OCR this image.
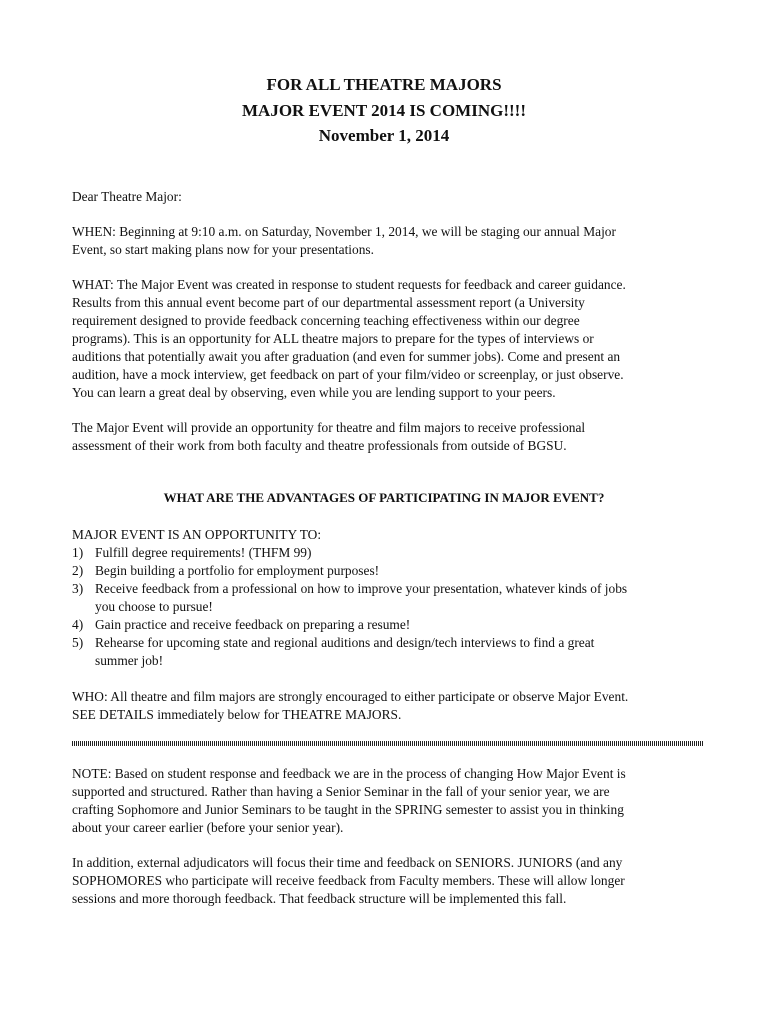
FOR ALL THEATRE MAJORS
MAJOR EVENT 2014 IS COMING!!!!
November 1, 2014
Dear Theatre Major:
WHEN: Beginning at 9:10 a.m. on Saturday, November 1, 2014, we will be staging our annual Major
Event, so start making plans now for your presentations.
WHAT: The Major Event was created in response to student requests for feedback and career guidance.
Results from this annual event become part of our departmental assessment report (a University
requirement designed to provide feedback concerning teaching effectiveness within our degree
programs). This is an opportunity for ALL theatre majors to prepare for the types of interviews or
auditions that potentially await you after graduation (and even for summer jobs). Come and present an
audition, have a mock interview, get feedback on part of your film/video or screenplay, or just observe.
You can learn a great deal by observing, even while you are lending support to your peers.
The Major Event will provide an opportunity for theatre and film majors to receive professional
assessment of their work from both faculty and theatre professionals from outside of BGSU.
WHAT ARE THE ADVANTAGES OF PARTICIPATING IN MAJOR EVENT?
MAJOR EVENT IS AN OPPORTUNITY TO:
1) Fulfill degree requirements! (THFM 99)
2) Begin building a portfolio for employment purposes!
3) Receive feedback from a professional on how to improve your presentation, whatever kinds of jobs
you choose to pursue!
4) Gain practice and receive feedback on preparing a resume!
5) Rehearse for upcoming state and regional auditions and design/tech interviews to find a great
summer job!
WHO: All theatre and film majors are strongly encouraged to either participate or observe Major Event.
SEE DETAILS immediately below for THEATRE MAJORS.
NOTE: Based on student response and feedback we are in the process of changing How Major Event is
supported and structured. Rather than having a Senior Seminar in the fall of your senior year, we are
crafting Sophomore and Junior Seminars to be taught in the SPRING semester to assist you in thinking
about your career earlier (before your senior year).
In addition, external adjudicators will focus their time and feedback on SENIORS. JUNIORS (and any
SOPHOMORES who participate will receive feedback from Faculty members. These will allow longer
sessions and more thorough feedback. That feedback structure will be implemented this fall.
